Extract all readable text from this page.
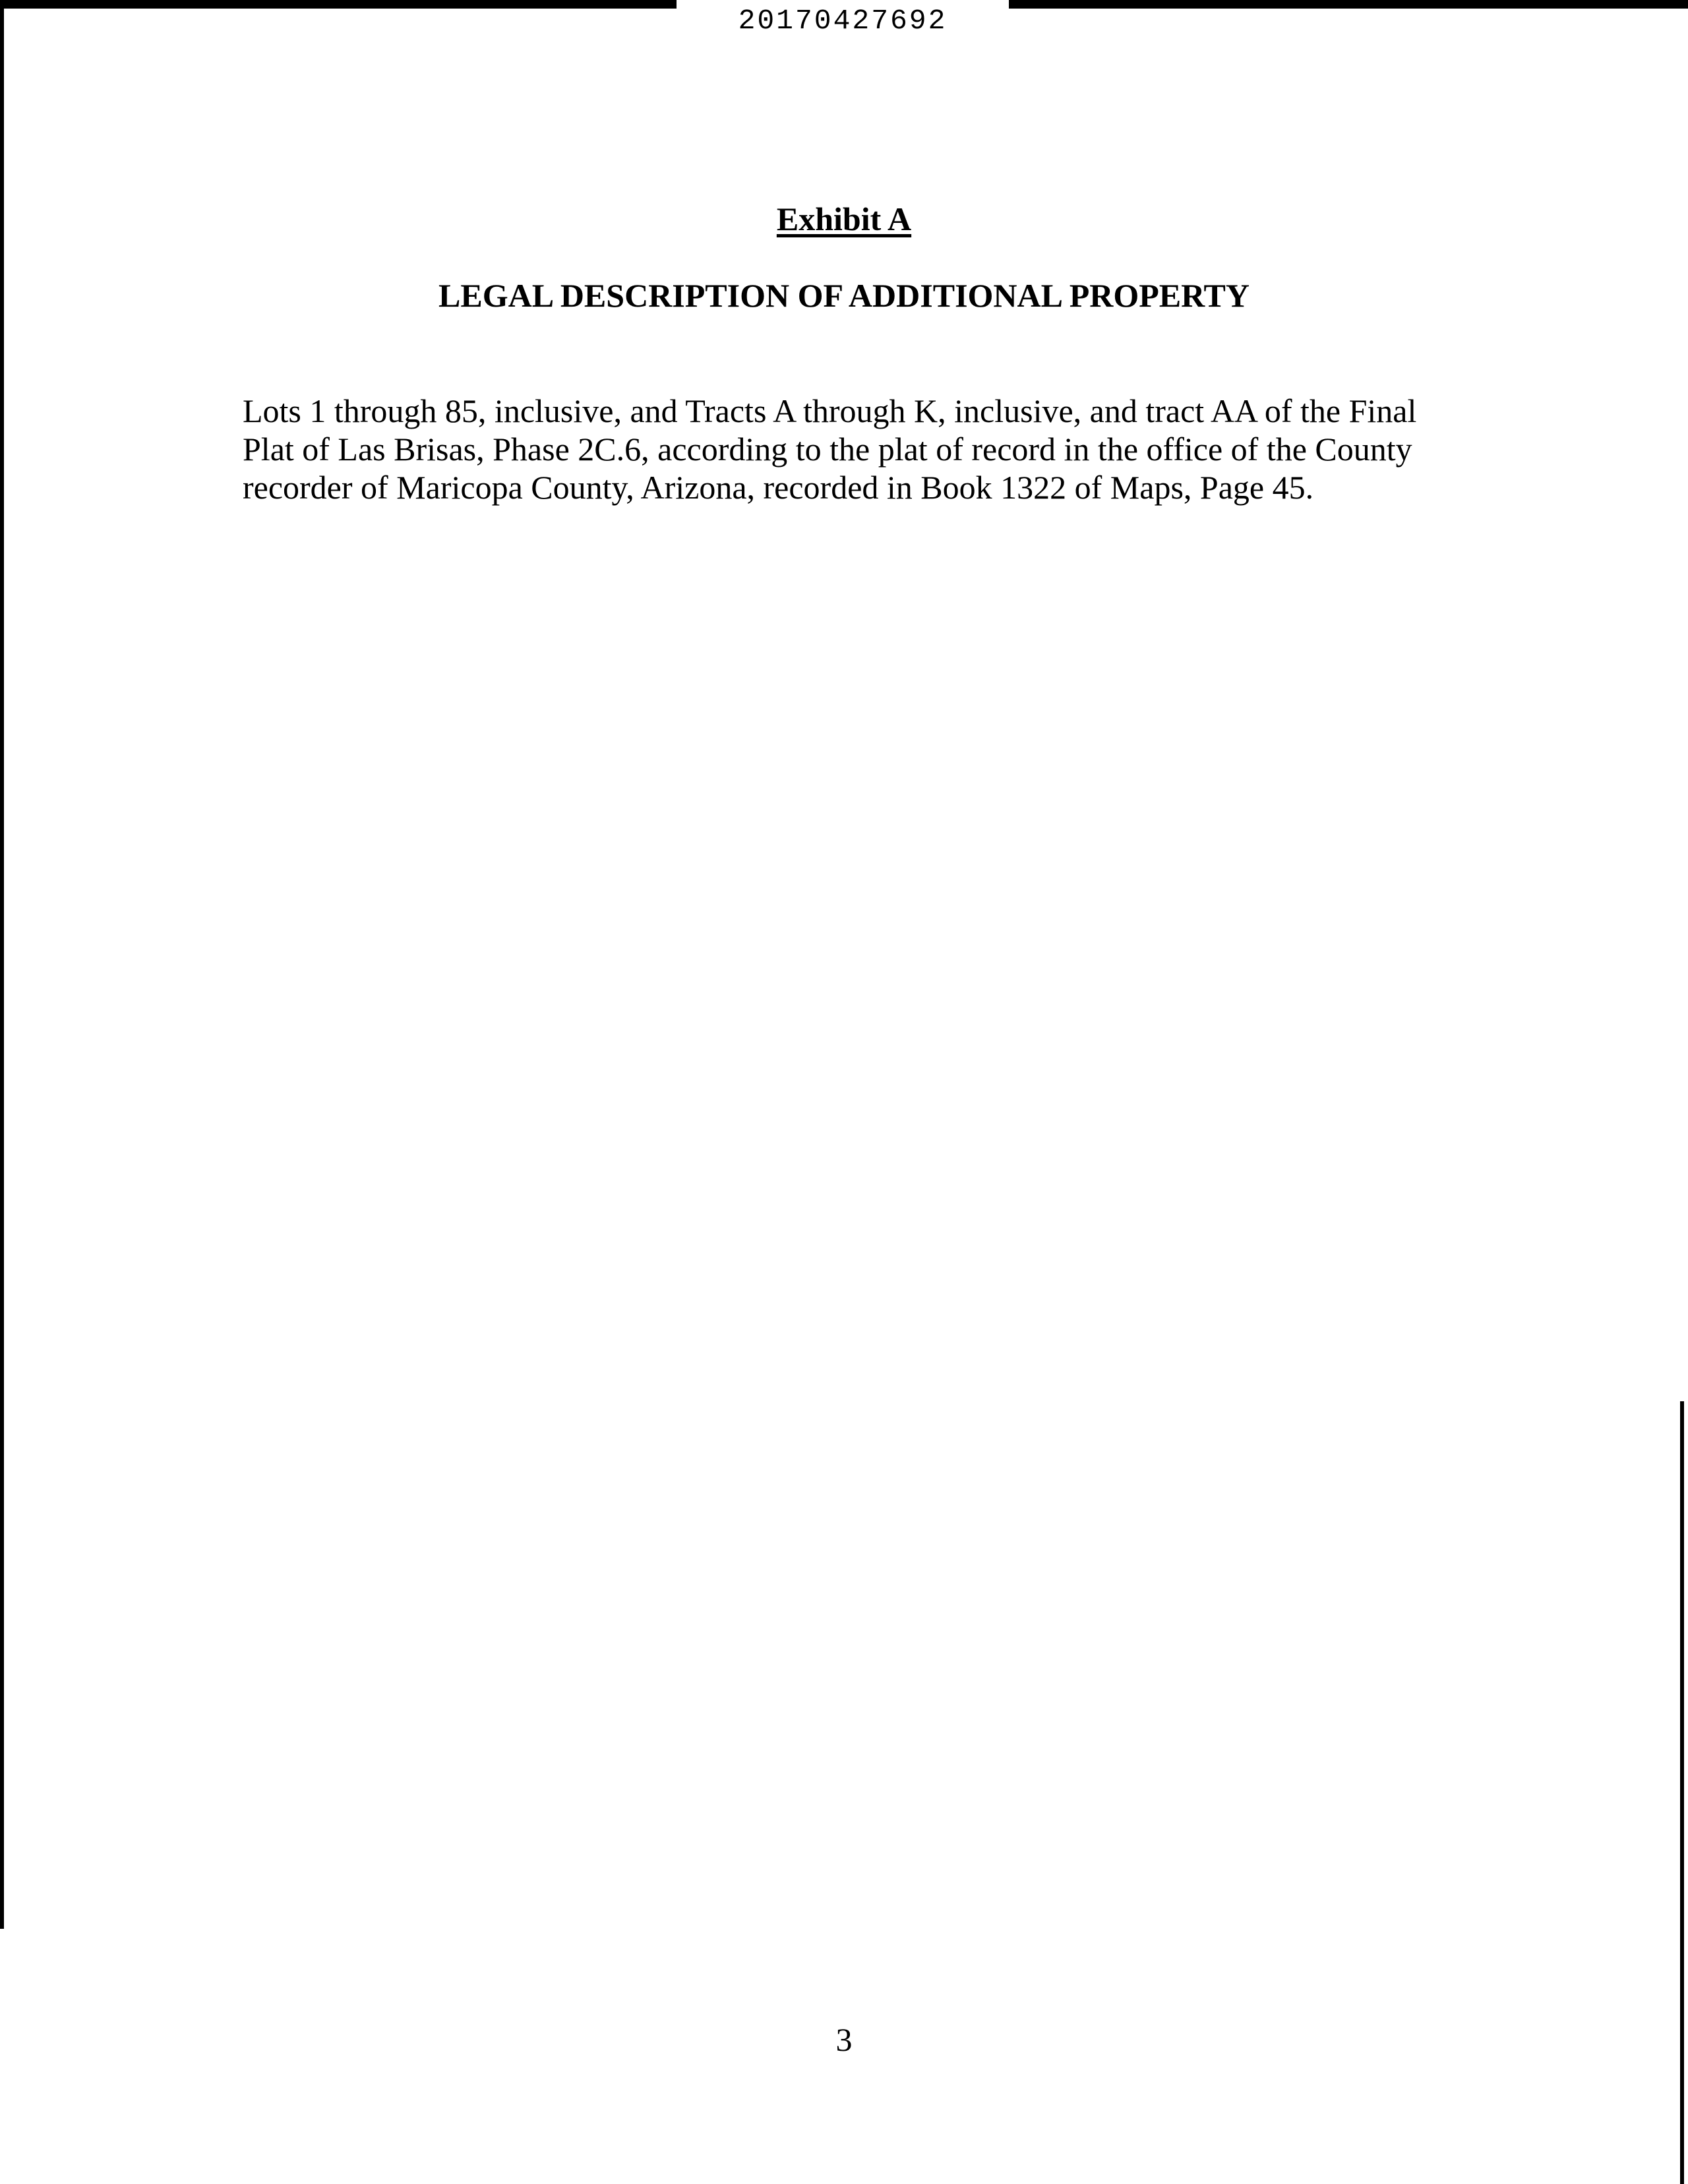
20170427692
Exhibit A
LEGAL DESCRIPTION OF ADDITIONAL PROPERTY
Lots 1 through 85, inclusive, and Tracts A through K, inclusive, and tract AA of the Final
Plat of Las Brisas, Phase 2C.6, according to the plat of record in the office of the County
recorder of Maricopa County, Arizona, recorded in Book 1322 of Maps, Page 45.
3
